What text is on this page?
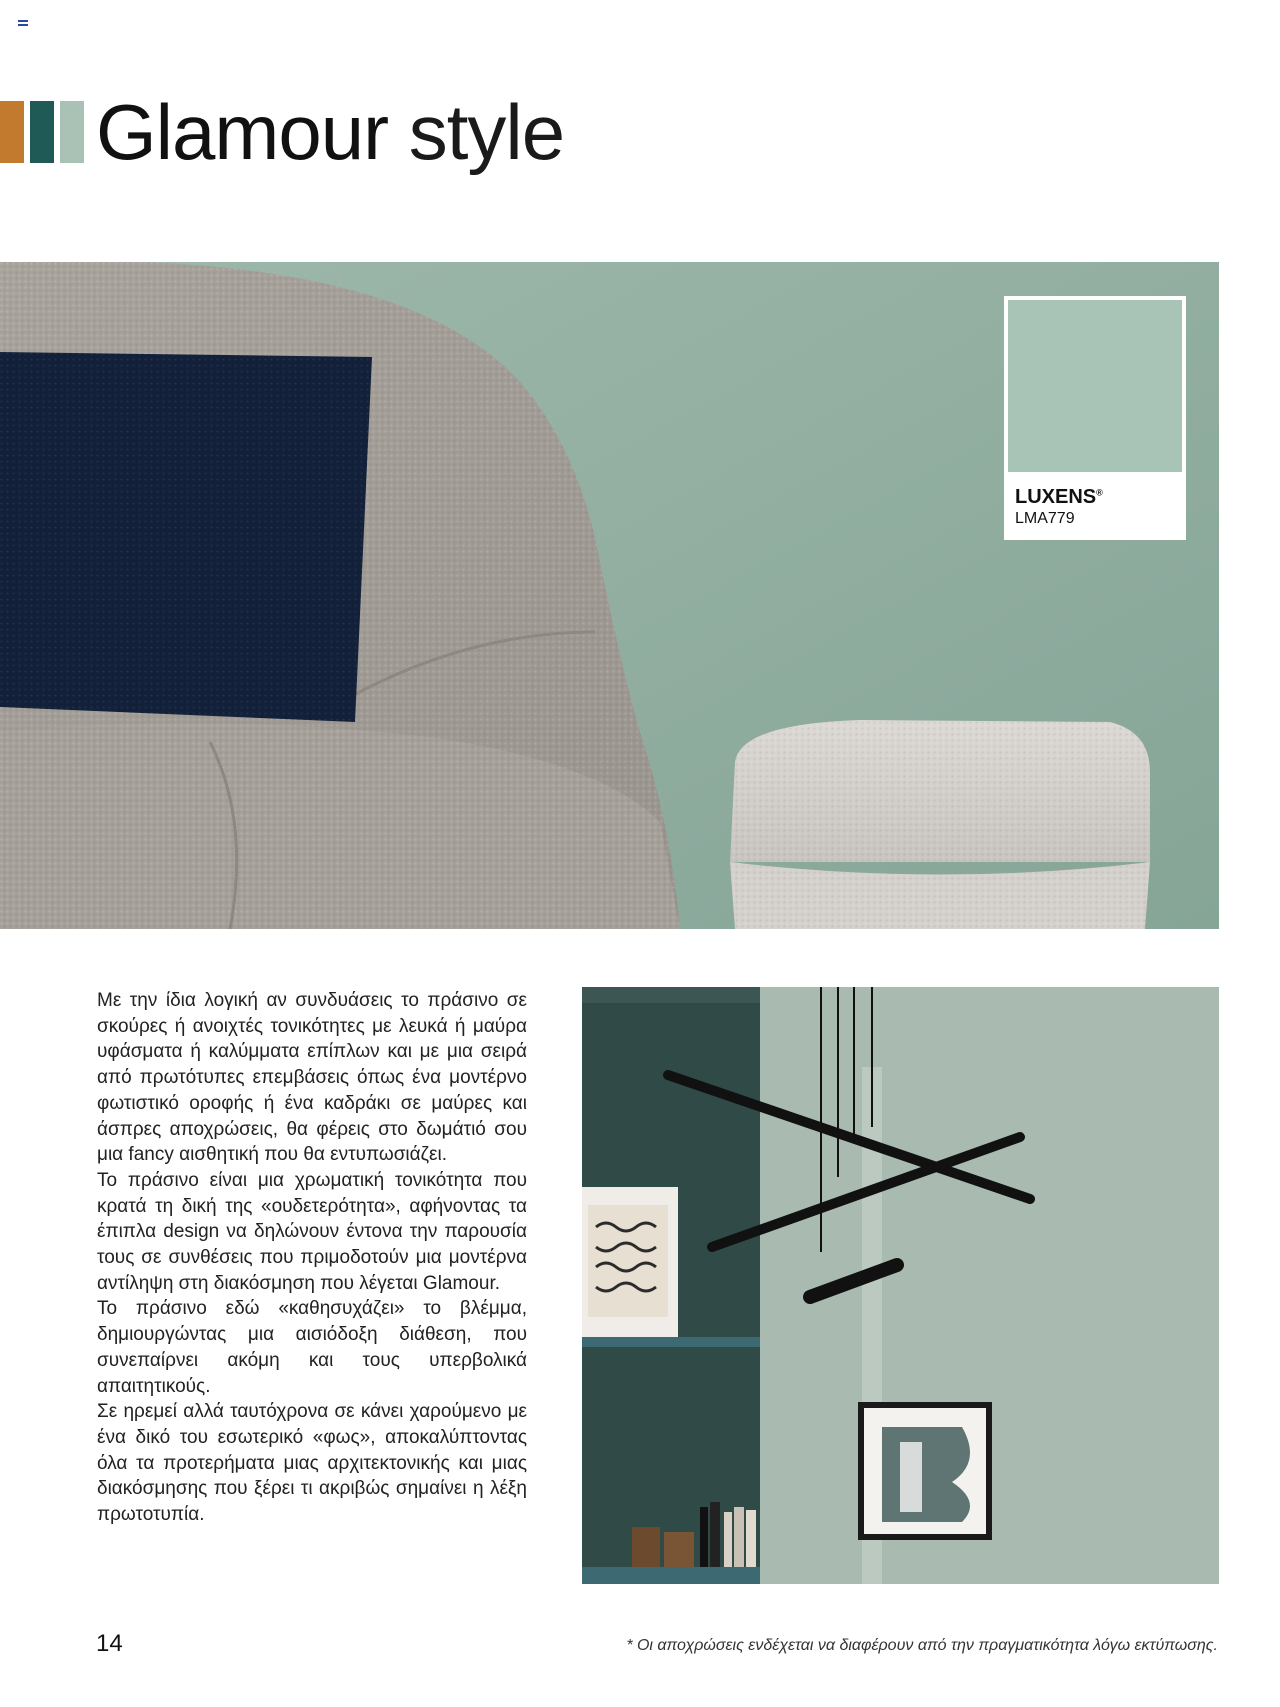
Glamour style
LUXENS®
LMA779

Με την ίδια λογική αν συνδυάσεις το πράσινο σε σκούρες ή ανοιχτές τονικότητες με λευκά ή μαύρα υφάσματα ή καλύμματα επίπλων και με μια σειρά από πρωτότυπες επεμβάσεις όπως ένα μοντέρνο φωτιστικό οροφής ή ένα καδράκι σε μαύρες και άσπρες αποχρώσεις, θα φέρεις στο δωμάτιό σου μια fancy αισθητική που θα εντυπωσιάζει.

Το πράσινο είναι μια χρωματική τονικότητα που κρατά τη δική της «ουδετερότητα», αφήνοντας τα έπιπλα design να δηλώνουν έντονα την παρουσία τους σε συνθέσεις που πριμοδοτούν μια μοντέρνα αντίληψη στη διακόσμηση που λέγεται Glamour.

Το πράσινο εδώ «καθησυχάζει» το βλέμμα, δημιουργώντας μια αισιόδοξη διάθεση, που συνεπαίρνει ακόμη και τους υπερβολικά απαιτητικούς.

Σε ηρεμεί αλλά ταυτόχρονα σε κάνει χαρούμενο με ένα δικό του εσωτερικό «φως», αποκαλύπτοντας όλα τα προτερήματα μιας αρχιτεκτονικής και μιας διακόσμησης που ξέρει τι ακριβώς σημαίνει η λέξη πρωτοτυπία.

14	* Οι αποχρώσεις ενδέχεται να διαφέρουν από την πραγματικότητα λόγω εκτύπωσης.
